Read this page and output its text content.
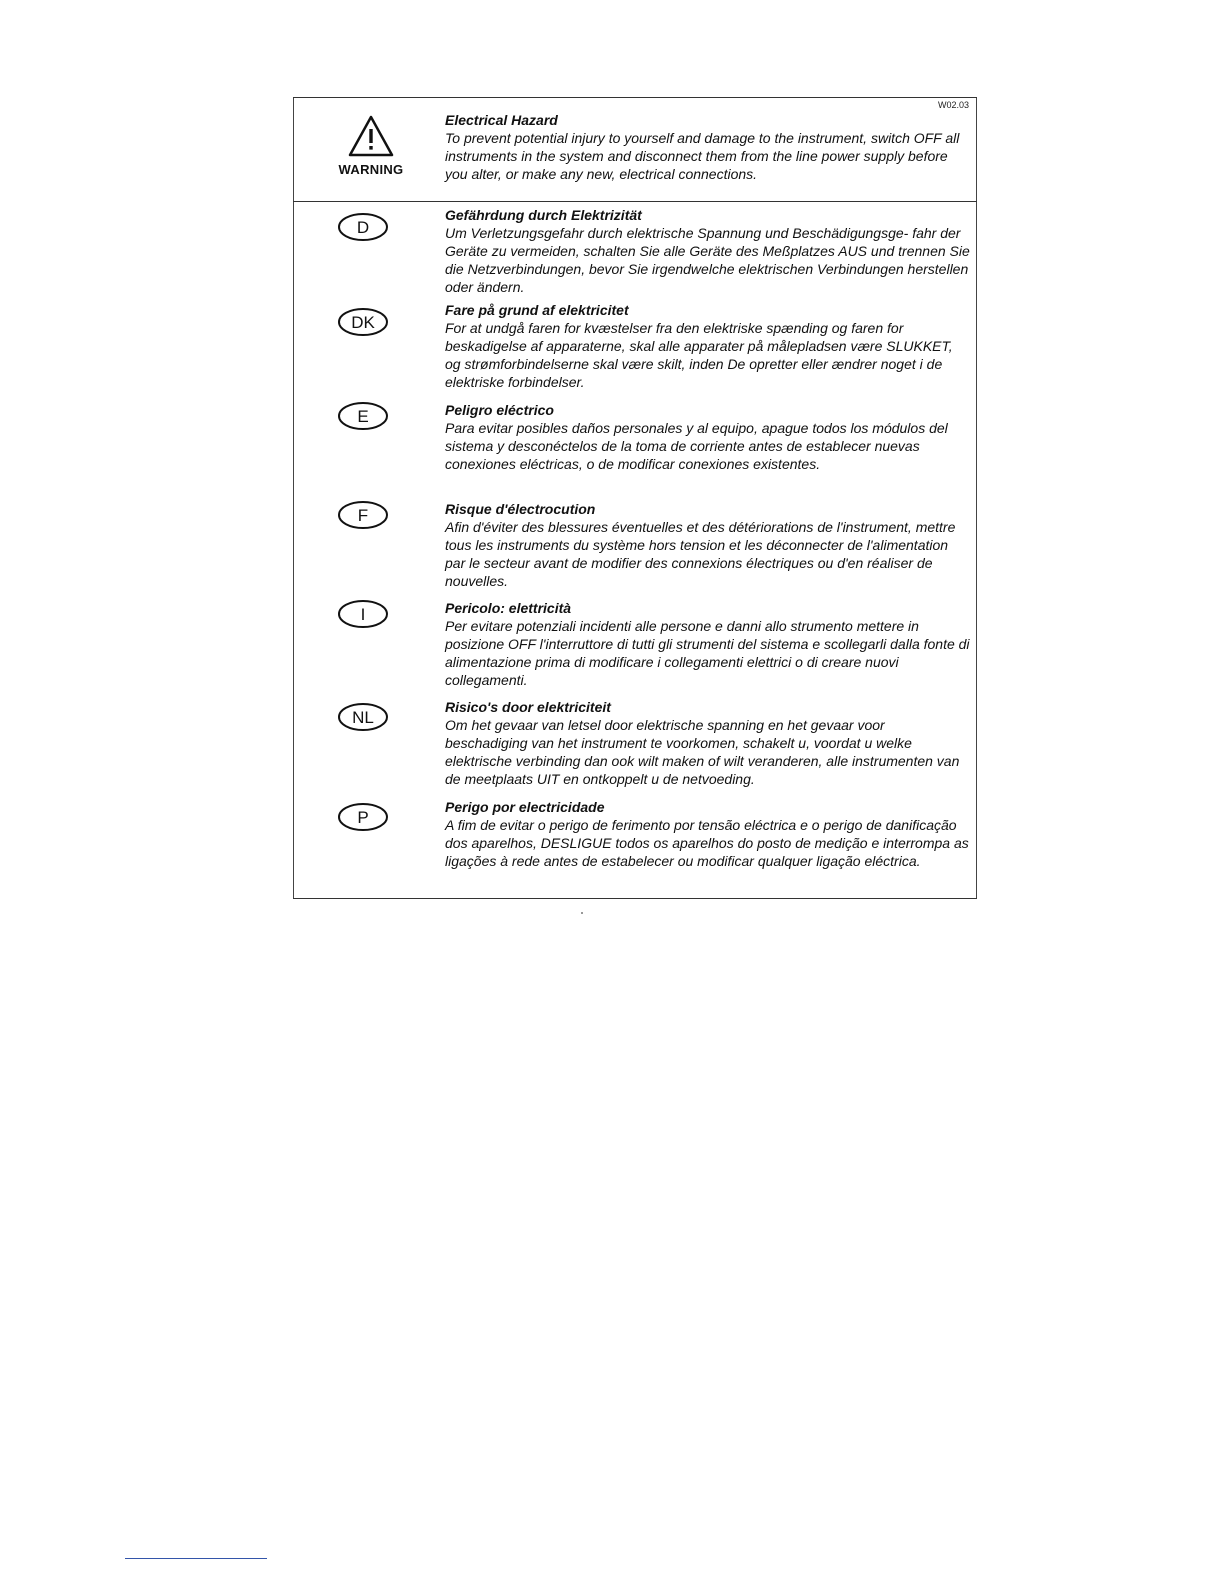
W02.03
WARNING
Electrical Hazard
To prevent potential injury to yourself and damage to the instrument, switch OFF all instruments in the system and disconnect them from the line power supply before you alter, or make any new, electrical connections.
D
Gefährdung durch Elektrizität
Um Verletzungsgefahr durch elektrische Spannung und Beschädigungsge- fahr der Geräte zu vermeiden, schalten Sie alle Geräte des Meßplatzes AUS und trennen Sie die Netzverbindungen, bevor Sie irgendwelche elektrischen Verbindungen herstellen oder ändern.
DK
Fare på grund af elektricitet
For at undgå faren for kvæstelser fra den elektriske spænding og faren for beskadigelse af apparaterne, skal alle apparater på målepladsen være SLUKKET, og strømforbindelserne skal være skilt, inden De opretter eller ændrer noget i de elektriske forbindelser.
E	Peligro eléctrico
Para evitar posibles daños personales y al equipo, apague todos los módulos del sistema y desconéctelos de la toma de corriente antes de establecer nuevas conexiones eléctricas, o de modificar conexiones existentes.
F	Risque d'électrocution
Afin d'éviter des blessures éventuelles et des détériorations de l'instrument, mettre tous les instruments du système hors tension et les déconnecter de l'alimentation par le secteur avant de modifier des connexions électriques ou d'en réaliser de nouvelles.
I	Pericolo: elettricità
Per evitare potenziali incidenti alle persone e danni allo strumento mettere in posizione OFF l'interruttore di tutti gli strumenti del sistema e scollegarli dalla fonte di alimentazione prima di modificare i collegamenti elettrici o di creare nuovi collegamenti.
NL
Risico's door elektriciteit
Om het gevaar van letsel door elektrische spanning en het gevaar voor beschadiging van het instrument te voorkomen, schakelt u, voordat u welke elektrische verbinding dan ook wilt maken of wilt veranderen, alle instrumenten van de meetplaats UIT en ontkoppelt u de netvoeding.
P
Perigo por electricidade
A fim de evitar o perigo de ferimento por tensão eléctrica e o perigo de danificação dos aparelhos, DESLIGUE todos os aparelhos do posto de medição e interrompa as ligações à rede antes de estabelecer ou modificar qualquer ligação eléctrica.
